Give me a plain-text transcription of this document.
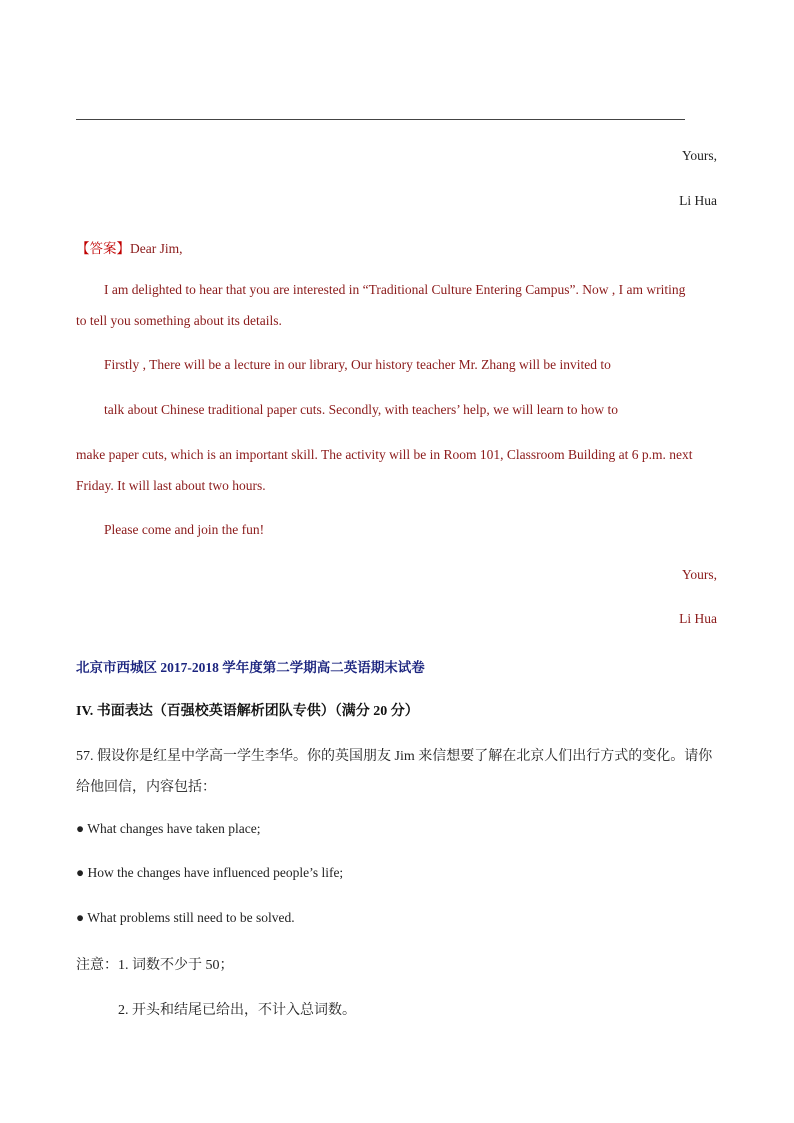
Yours,
Li Hua
【答案】Dear Jim,
I am delighted to hear that you are interested in “Traditional Culture Entering Campus”. Now , I am writing
to tell you something about its details.
Firstly , There will be a lecture in our library, Our history teacher Mr. Zhang will be invited to
talk about Chinese traditional paper cuts. Secondly, with teachers’ help, we will learn to how to
make paper cuts, which is an important skill. The activity will be in Room 101, Classroom Building at 6 p.m. next
Friday. It will last about two hours.
Please come and join the fun!
Yours,
Li Hua
北京市西城区 2017-2018 学年度第二学期高二英语期末试卷
IV. 书面表达（百强校英语解析团队专供）（满分 20 分）
57. 假设你是红星中学高一学生李华。你的英国朋友 Jim 来信想要了解在北京人们出行方式的变化。请你
给他回信，内容包括：
● What changes have taken place;
● How the changes have influenced people’s life;
● What problems still need to be solved.
注意：1. 词数不少于 50；
2. 开头和结尾已给出，不计入总词数。
